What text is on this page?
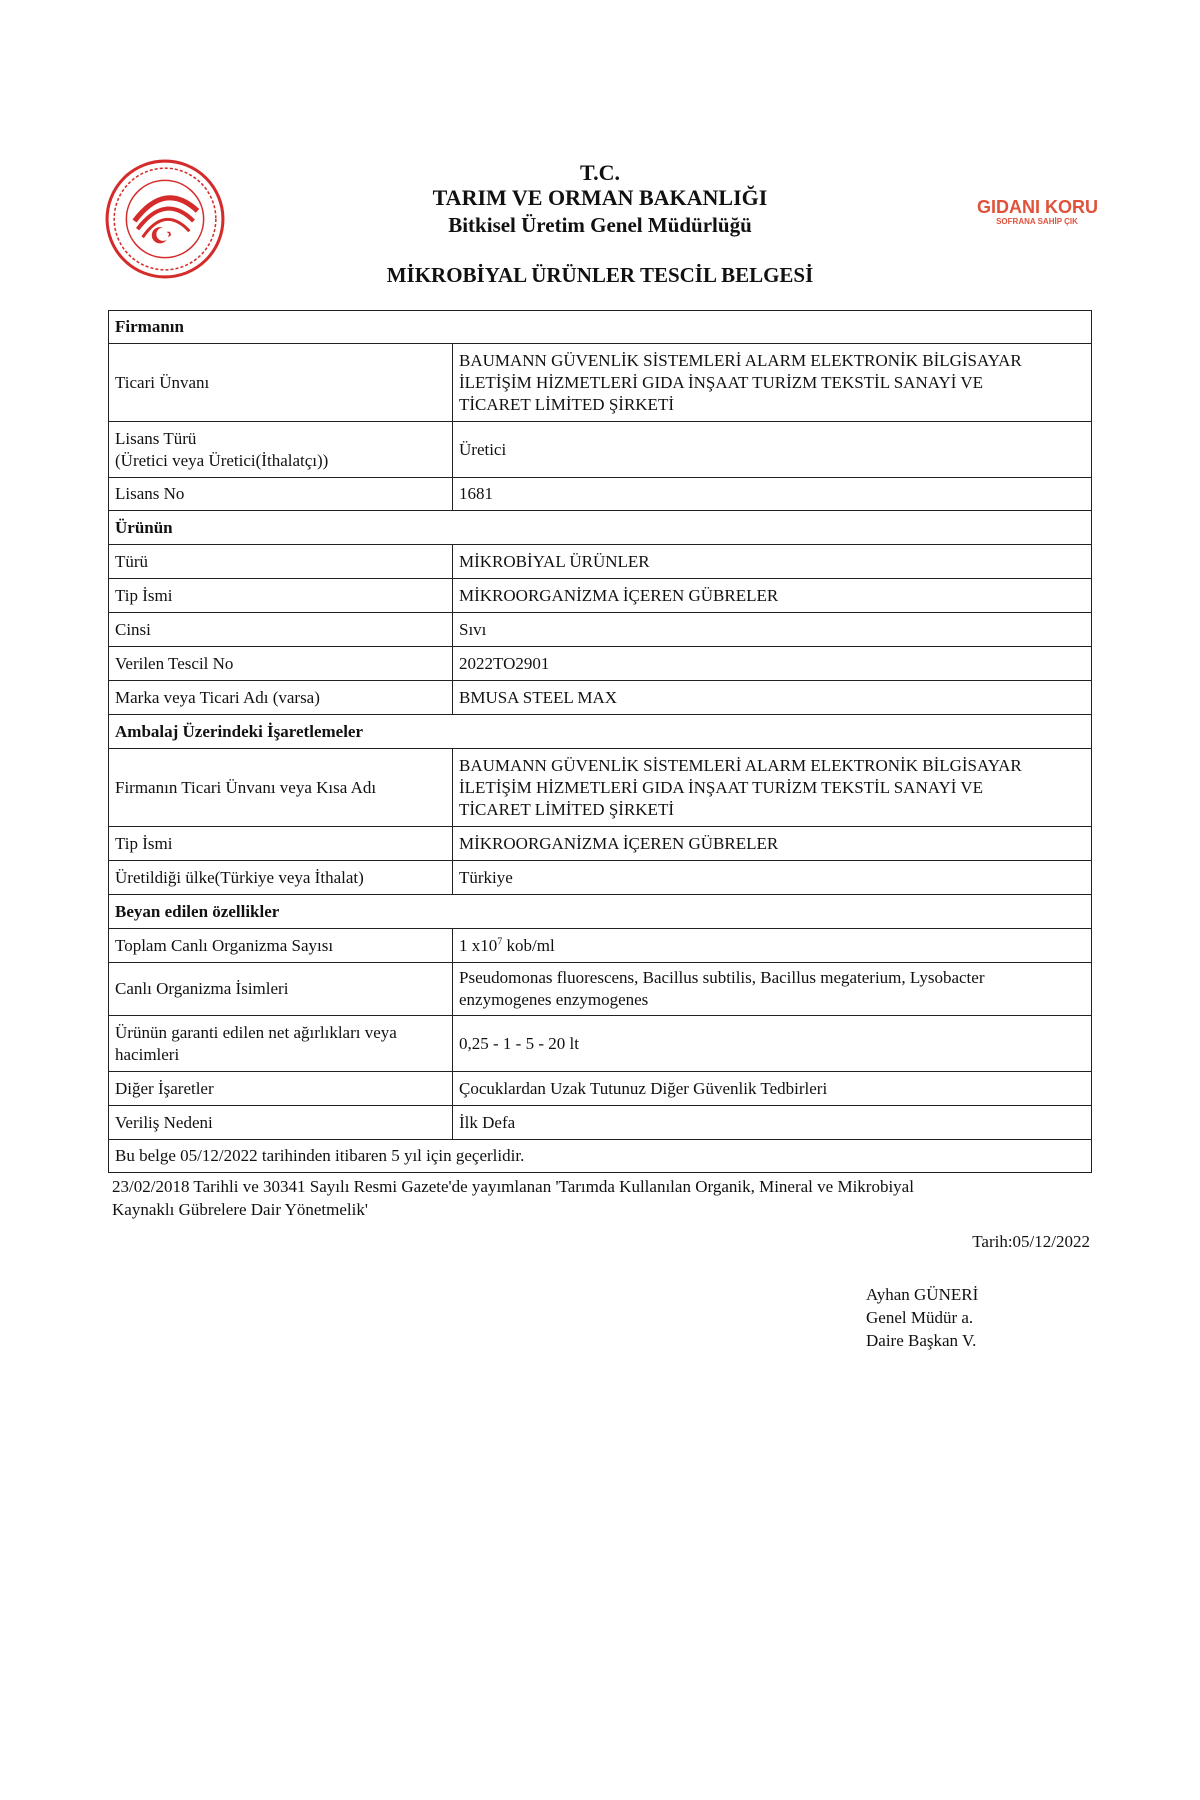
GIDANI KORU
SOFRANA SAHİP ÇIK
T.C.
TARIM VE ORMAN BAKANLIĞI
Bitkisel Üretim Genel Müdürlüğü
MİKROBİYAL ÜRÜNLER TESCİL BELGESİ
Firmanın	
Ticari Ünvanı	BAUMANN GÜVENLİK SİSTEMLERİ ALARM ELEKTRONİK BİLGİSAYAR
İLETİŞİM HİZMETLERİ GIDA İNŞAAT TURİZM TEKSTİL SANAYİ VE
TİCARET LİMİTED ŞİRKETİ

Lisans Türü
(Üretici veya Üretici(İthalatçı))	Üretici
Lisans No	1681
Ürünün	
Türü	MİKROBİYAL ÜRÜNLER
Tip İsmi	MİKROORGANİZMA İÇEREN GÜBRELER
Cinsi	Sıvı
Verilen Tescil No	2022TO2901
Marka veya Ticari Adı (varsa)	BMUSA STEEL MAX
Ambalaj Üzerindeki İşaretlemeler	
Firmanın Ticari Ünvanı veya Kısa Adı	BAUMANN GÜVENLİK SİSTEMLERİ ALARM ELEKTRONİK BİLGİSAYAR
İLETİŞİM HİZMETLERİ GIDA İNŞAAT TURİZM TEKSTİL SANAYİ VE
TİCARET LİMİTED ŞİRKETİ

Tip İsmi	MİKROORGANİZMA İÇEREN GÜBRELER
Üretildiği ülke(Türkiye veya İthalat)	Türkiye
Beyan edilen özellikler	
Toplam Canlı Organizma Sayısı	1 $x10^7$ kob/ml
Canlı Organizma İsimleri	Pseudomonas fluorescens, Bacillus subtilis, Bacillus megaterium, Lysobacter
enzymogenes enzymogenes

Ürünün garanti edilen net ağırlıkları veya
hacimleri	0,25 - 1 - 5 - 20 lt
Diğer İşaretler	Çocuklardan Uzak Tutunuz Diğer Güvenlik Tedbirleri
Veriliş Nedeni	İlk Defa
Bu belge 05/12/2022 tarihinden itibaren 5 yıl için geçerlidir.	
23/02/2018 Tarihli ve 30341 Sayılı Resmi Gazete'de yayımlanan 'Tarımda Kullanılan Organik, Mineral ve Mikrobiyal
Kaynaklı Gübrelere Dair Yönetmelik'
Tarih:05/12/2022
Ayhan GÜNERİ
Genel Müdür a.
Daire Başkan V.
